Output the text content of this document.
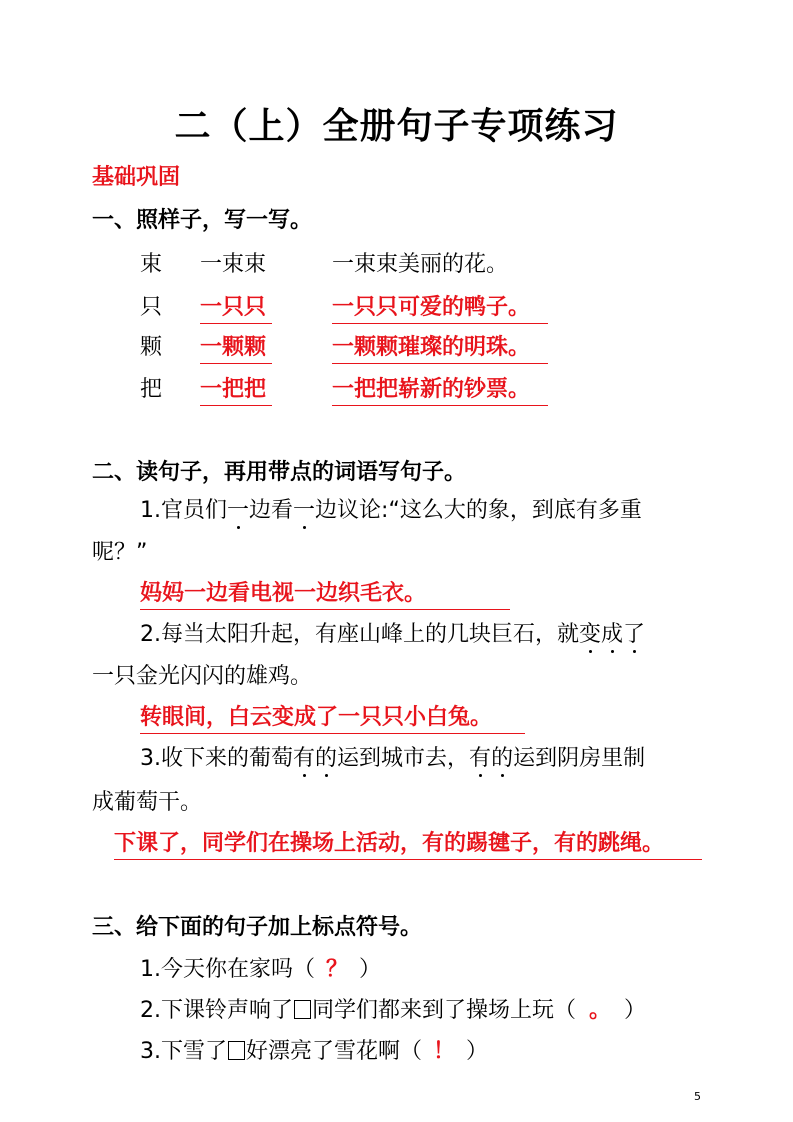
二（上）全册句子专项练习
基础巩固
一、照样子，写一写。
束 一束束	一束束美丽的花。
只 一只只	一只只可爱的鸭子。
颗 一颗颗	一颗颗璀璨的明珠。
把 一把把	一把把崭新的钞票。
二、读句子，再用带点的词语写句子。
1.官员们一边看一边议论:“这么大的象，到底有多重
呢？”
妈妈一边看电视一边织毛衣。
2.每当太阳升起，有座山峰上的几块巨石，就变成了
一只金光闪闪的雄鸡。
转眼间，白云变成了一只只小白兔。
3.收下来的葡萄有的运到城市去，有的运到阴房里制
成葡萄干。
下课了，同学们在操场上活动，有的踢毽子，有的跳绳。
三、给下面的句子加上标点符号。
1.今天你在家吗（ ？ ）
2.下课铃声响了 同学们都来到了操场上玩（ 。 ）
3.下雪了 好漂亮了雪花啊（ ！ ）
5
